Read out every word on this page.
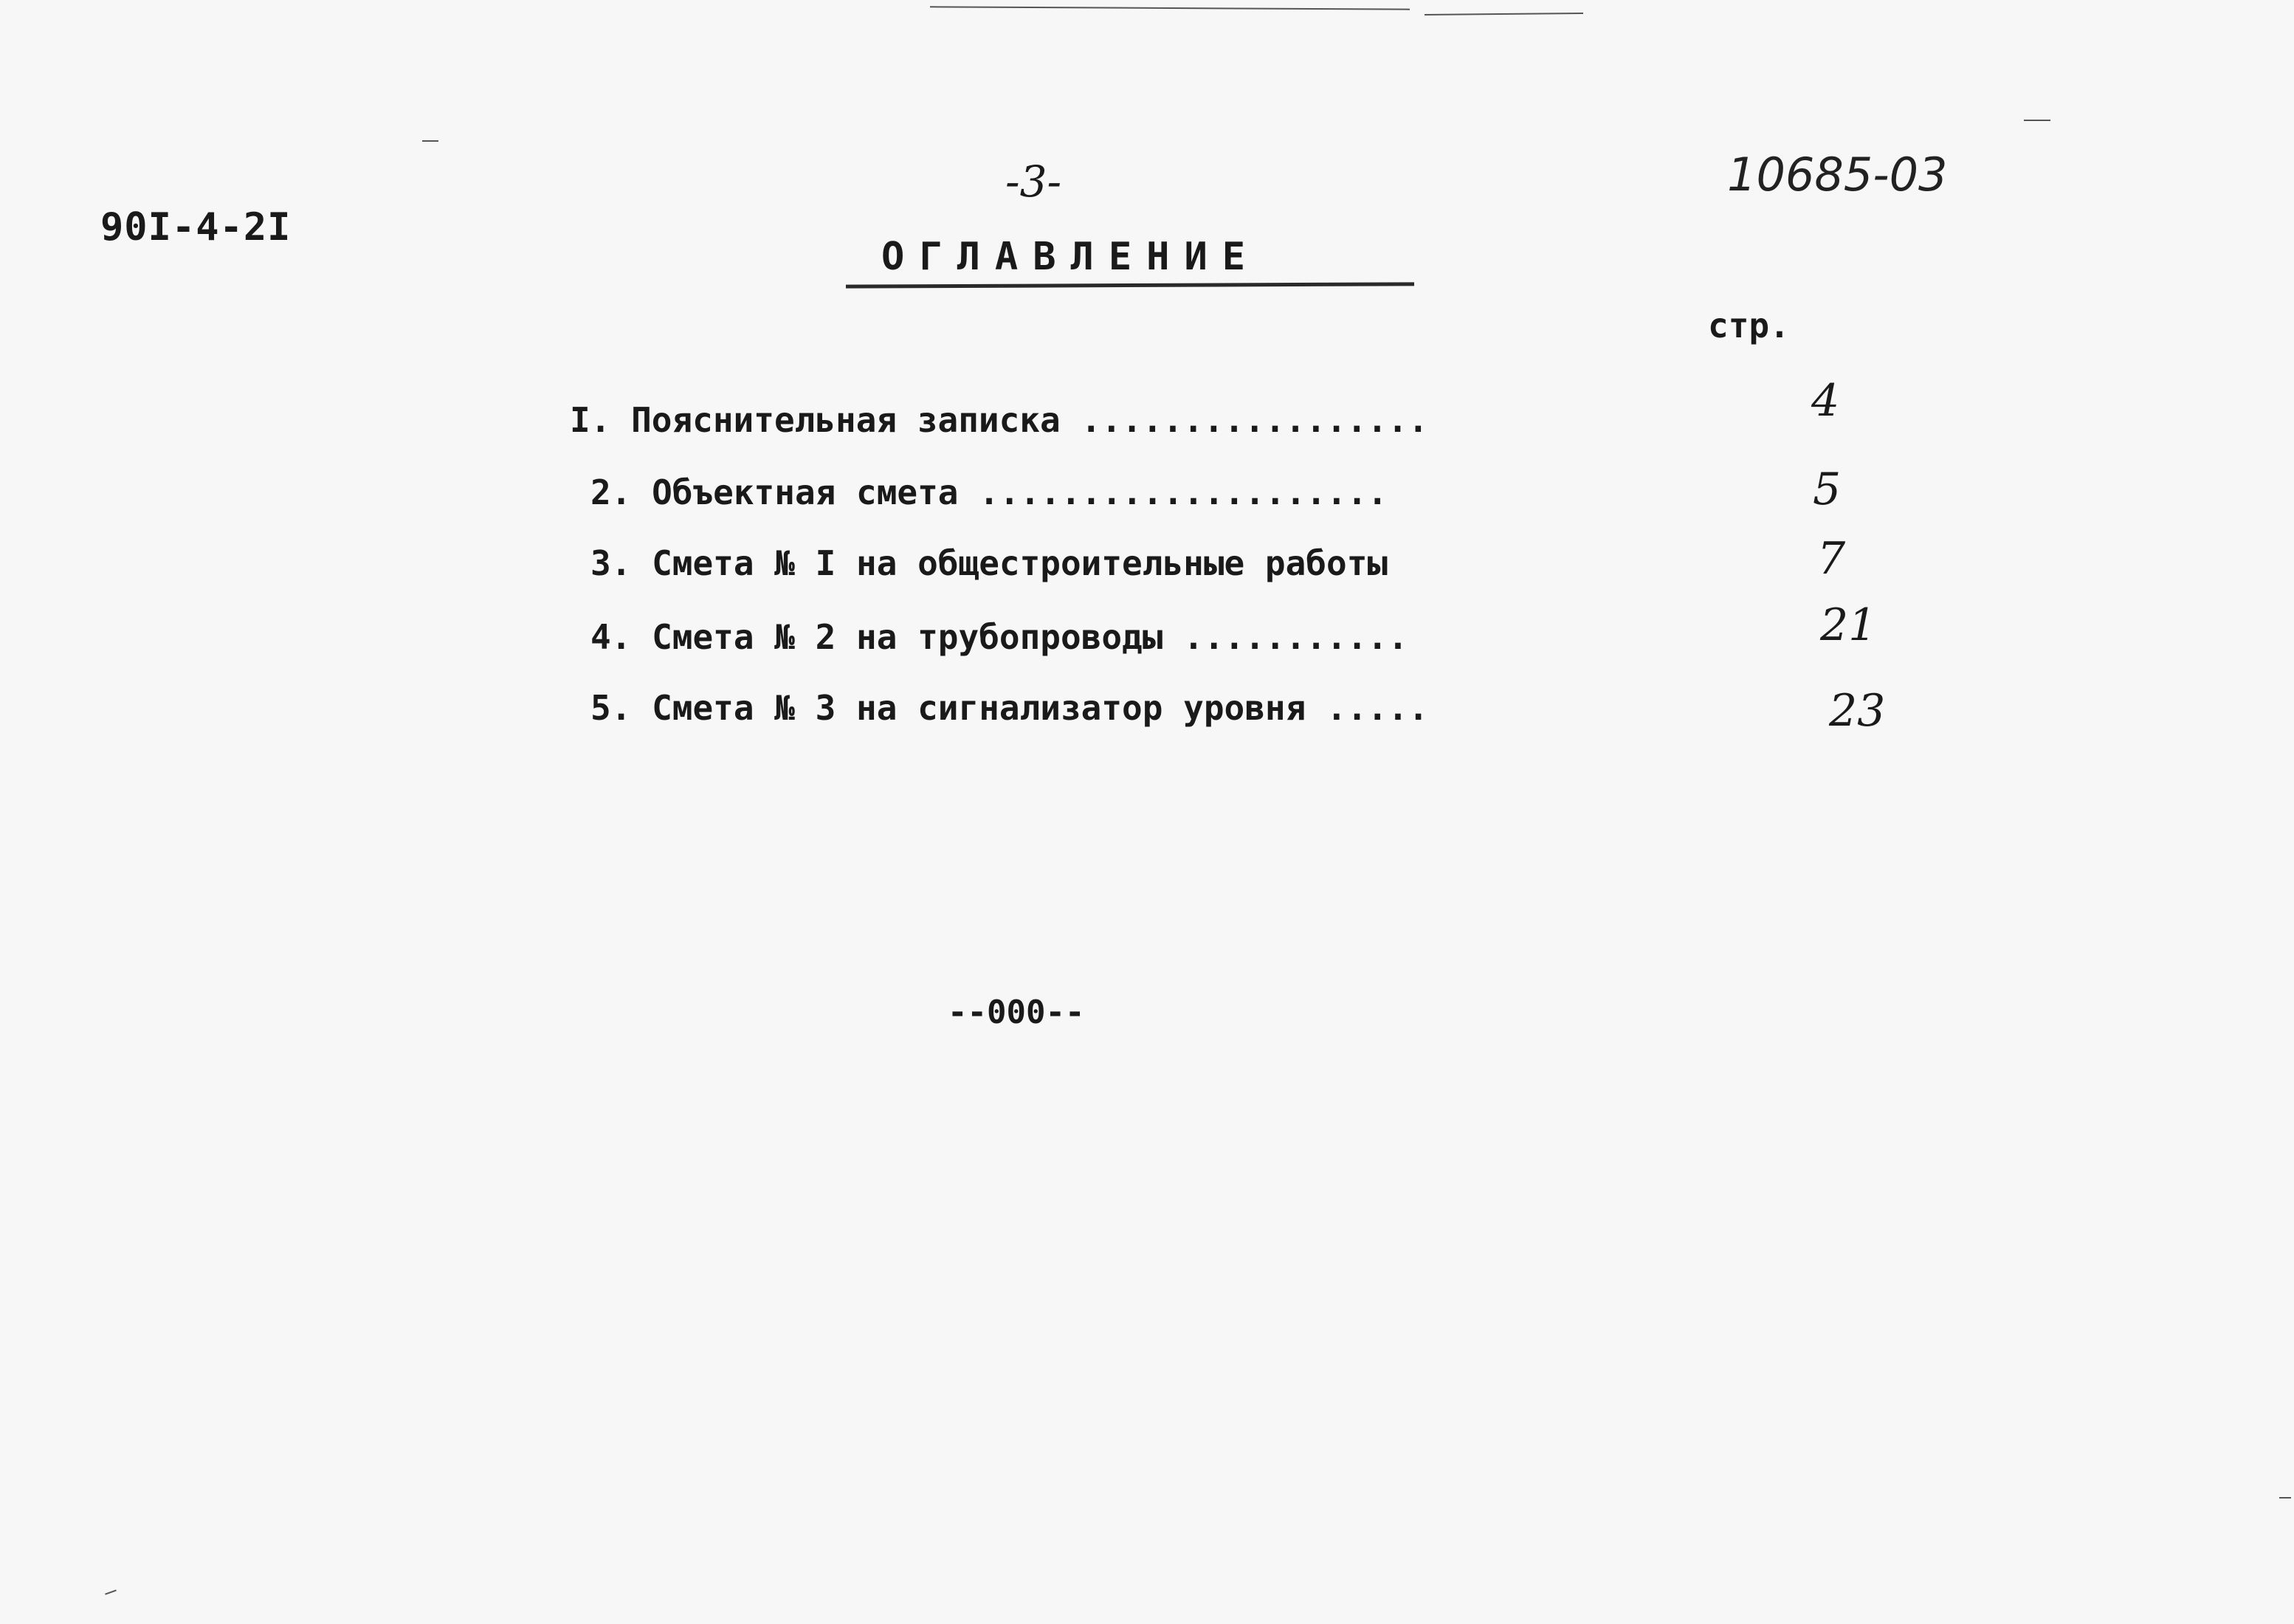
90I-4-2I
-3-	10685-03
ОГЛАВЛЕНИЕ
стр.
I. Пояснительная записка .................	4
2. Объектная смета ....................	5
3. Смета № I на общестроительные работы	7
4. Смета № 2 на трубопроводы ...........	21
5. Смета № 3 на сигнализатор уровня .....	23
--000--
